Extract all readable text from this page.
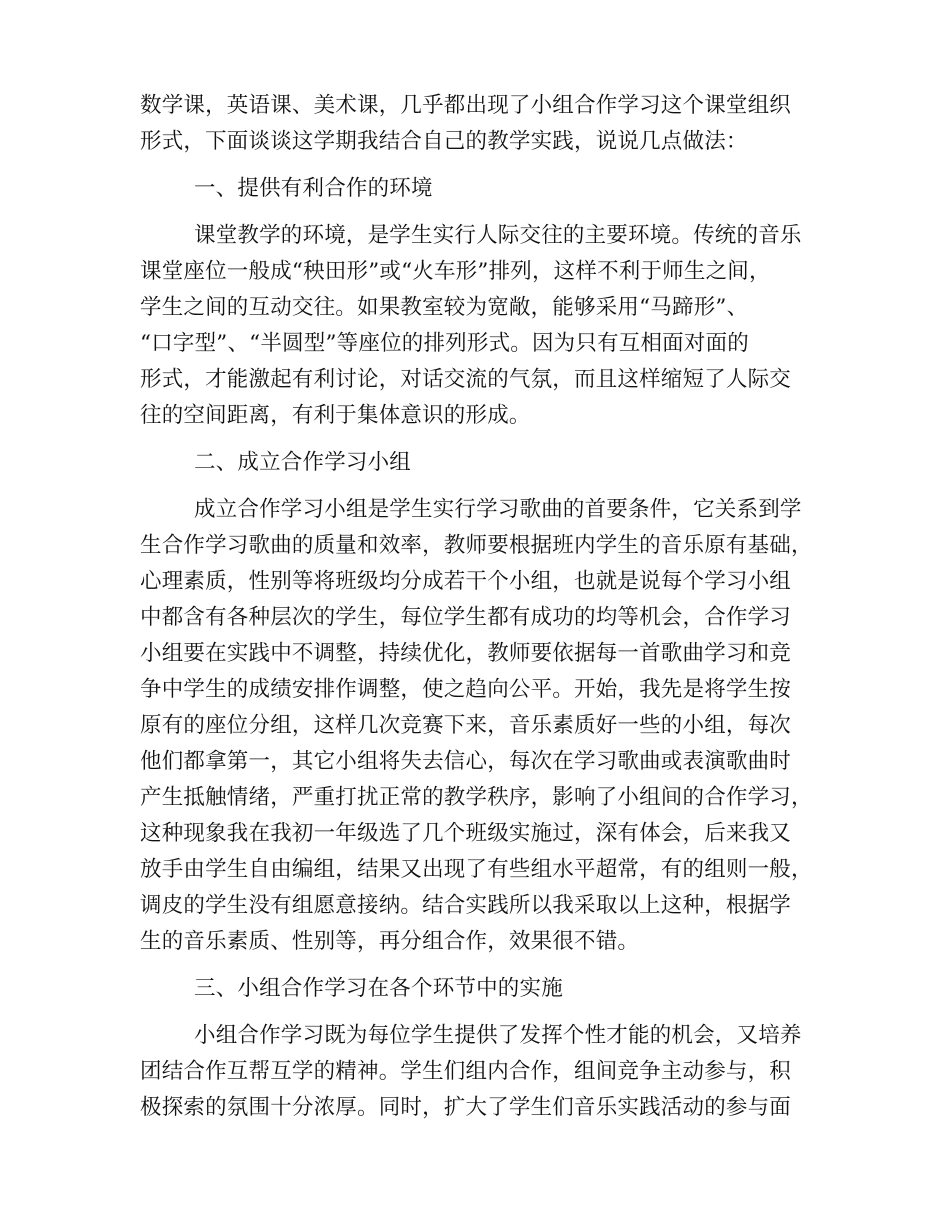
数学课，英语课、美术课，几乎都出现了小组合作学习这个课堂组织
形式，下面谈谈这学期我结合自己的教学实践，说说几点做法：
一、提供有利合作的环境
课堂教学的环境，是学生实行人际交往的主要环境。传统的音乐
课堂座位一般成“秧田形”或“火车形”排列，这样不利于师生之间，
学生之间的互动交往。如果教室较为宽敞，能够采用“马蹄形”、
“口字型”、“半圆型”等座位的排列形式。因为只有互相面对面的
形式，才能激起有利讨论，对话交流的气氛，而且这样缩短了人际交
往的空间距离，有利于集体意识的形成。
二、成立合作学习小组
成立合作学习小组是学生实行学习歌曲的首要条件，它关系到学
生合作学习歌曲的质量和效率，教师要根据班内学生的音乐原有基础，
心理素质，性别等将班级均分成若干个小组，也就是说每个学习小组
中都含有各种层次的学生，每位学生都有成功的均等机会，合作学习
小组要在实践中不调整，持续优化，教师要依据每一首歌曲学习和竞
争中学生的成绩安排作调整，使之趋向公平。开始，我先是将学生按
原有的座位分组，这样几次竞赛下来，音乐素质好一些的小组，每次
他们都拿第一，其它小组将失去信心，每次在学习歌曲或表演歌曲时
产生抵触情绪，严重打扰正常的教学秩序，影响了小组间的合作学习，
这种现象我在我初一年级选了几个班级实施过，深有体会，后来我又
放手由学生自由编组，结果又出现了有些组水平超常，有的组则一般，
调皮的学生没有组愿意接纳。结合实践所以我采取以上这种，根据学
生的音乐素质、性别等，再分组合作，效果很不错。
三、小组合作学习在各个环节中的实施
小组合作学习既为每位学生提供了发挥个性才能的机会，又培养
团结合作互帮互学的精神。学生们组内合作，组间竞争主动参与，积
极探索的氛围十分浓厚。同时，扩大了学生们音乐实践活动的参与面
